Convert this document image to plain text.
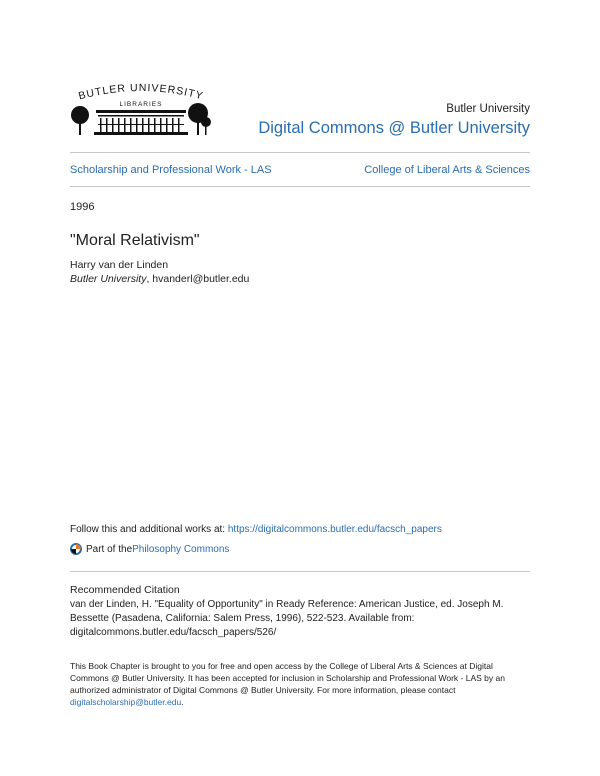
BUTLER UNIVERSITY
LIBRARIES	Butler University
Digital Commons @ Butler University
Scholarship and Professional Work - LAS	College of Liberal Arts & Sciences
1996
"Moral Relativism"
Harry van der Linden
Butler University, hvanderl@butler.edu
Follow this and additional works at: https://digitalcommons.butler.edu/facsch_papers
Part of the Philosophy Commons
Recommended Citation
van der Linden, H. "Equality of Opportunity" in Ready Reference: American Justice, ed. Joseph M. Bessette (Pasadena, California: Salem Press, 1996), 522-523. Available from: digitalcommons.butler.edu/facsch_papers/526/
This Book Chapter is brought to you for free and open access by the College of Liberal Arts & Sciences at Digital Commons @ Butler University. It has been accepted for inclusion in Scholarship and Professional Work - LAS by an authorized administrator of Digital Commons @ Butler University. For more information, please contact digitalscholarship@butler.edu.
